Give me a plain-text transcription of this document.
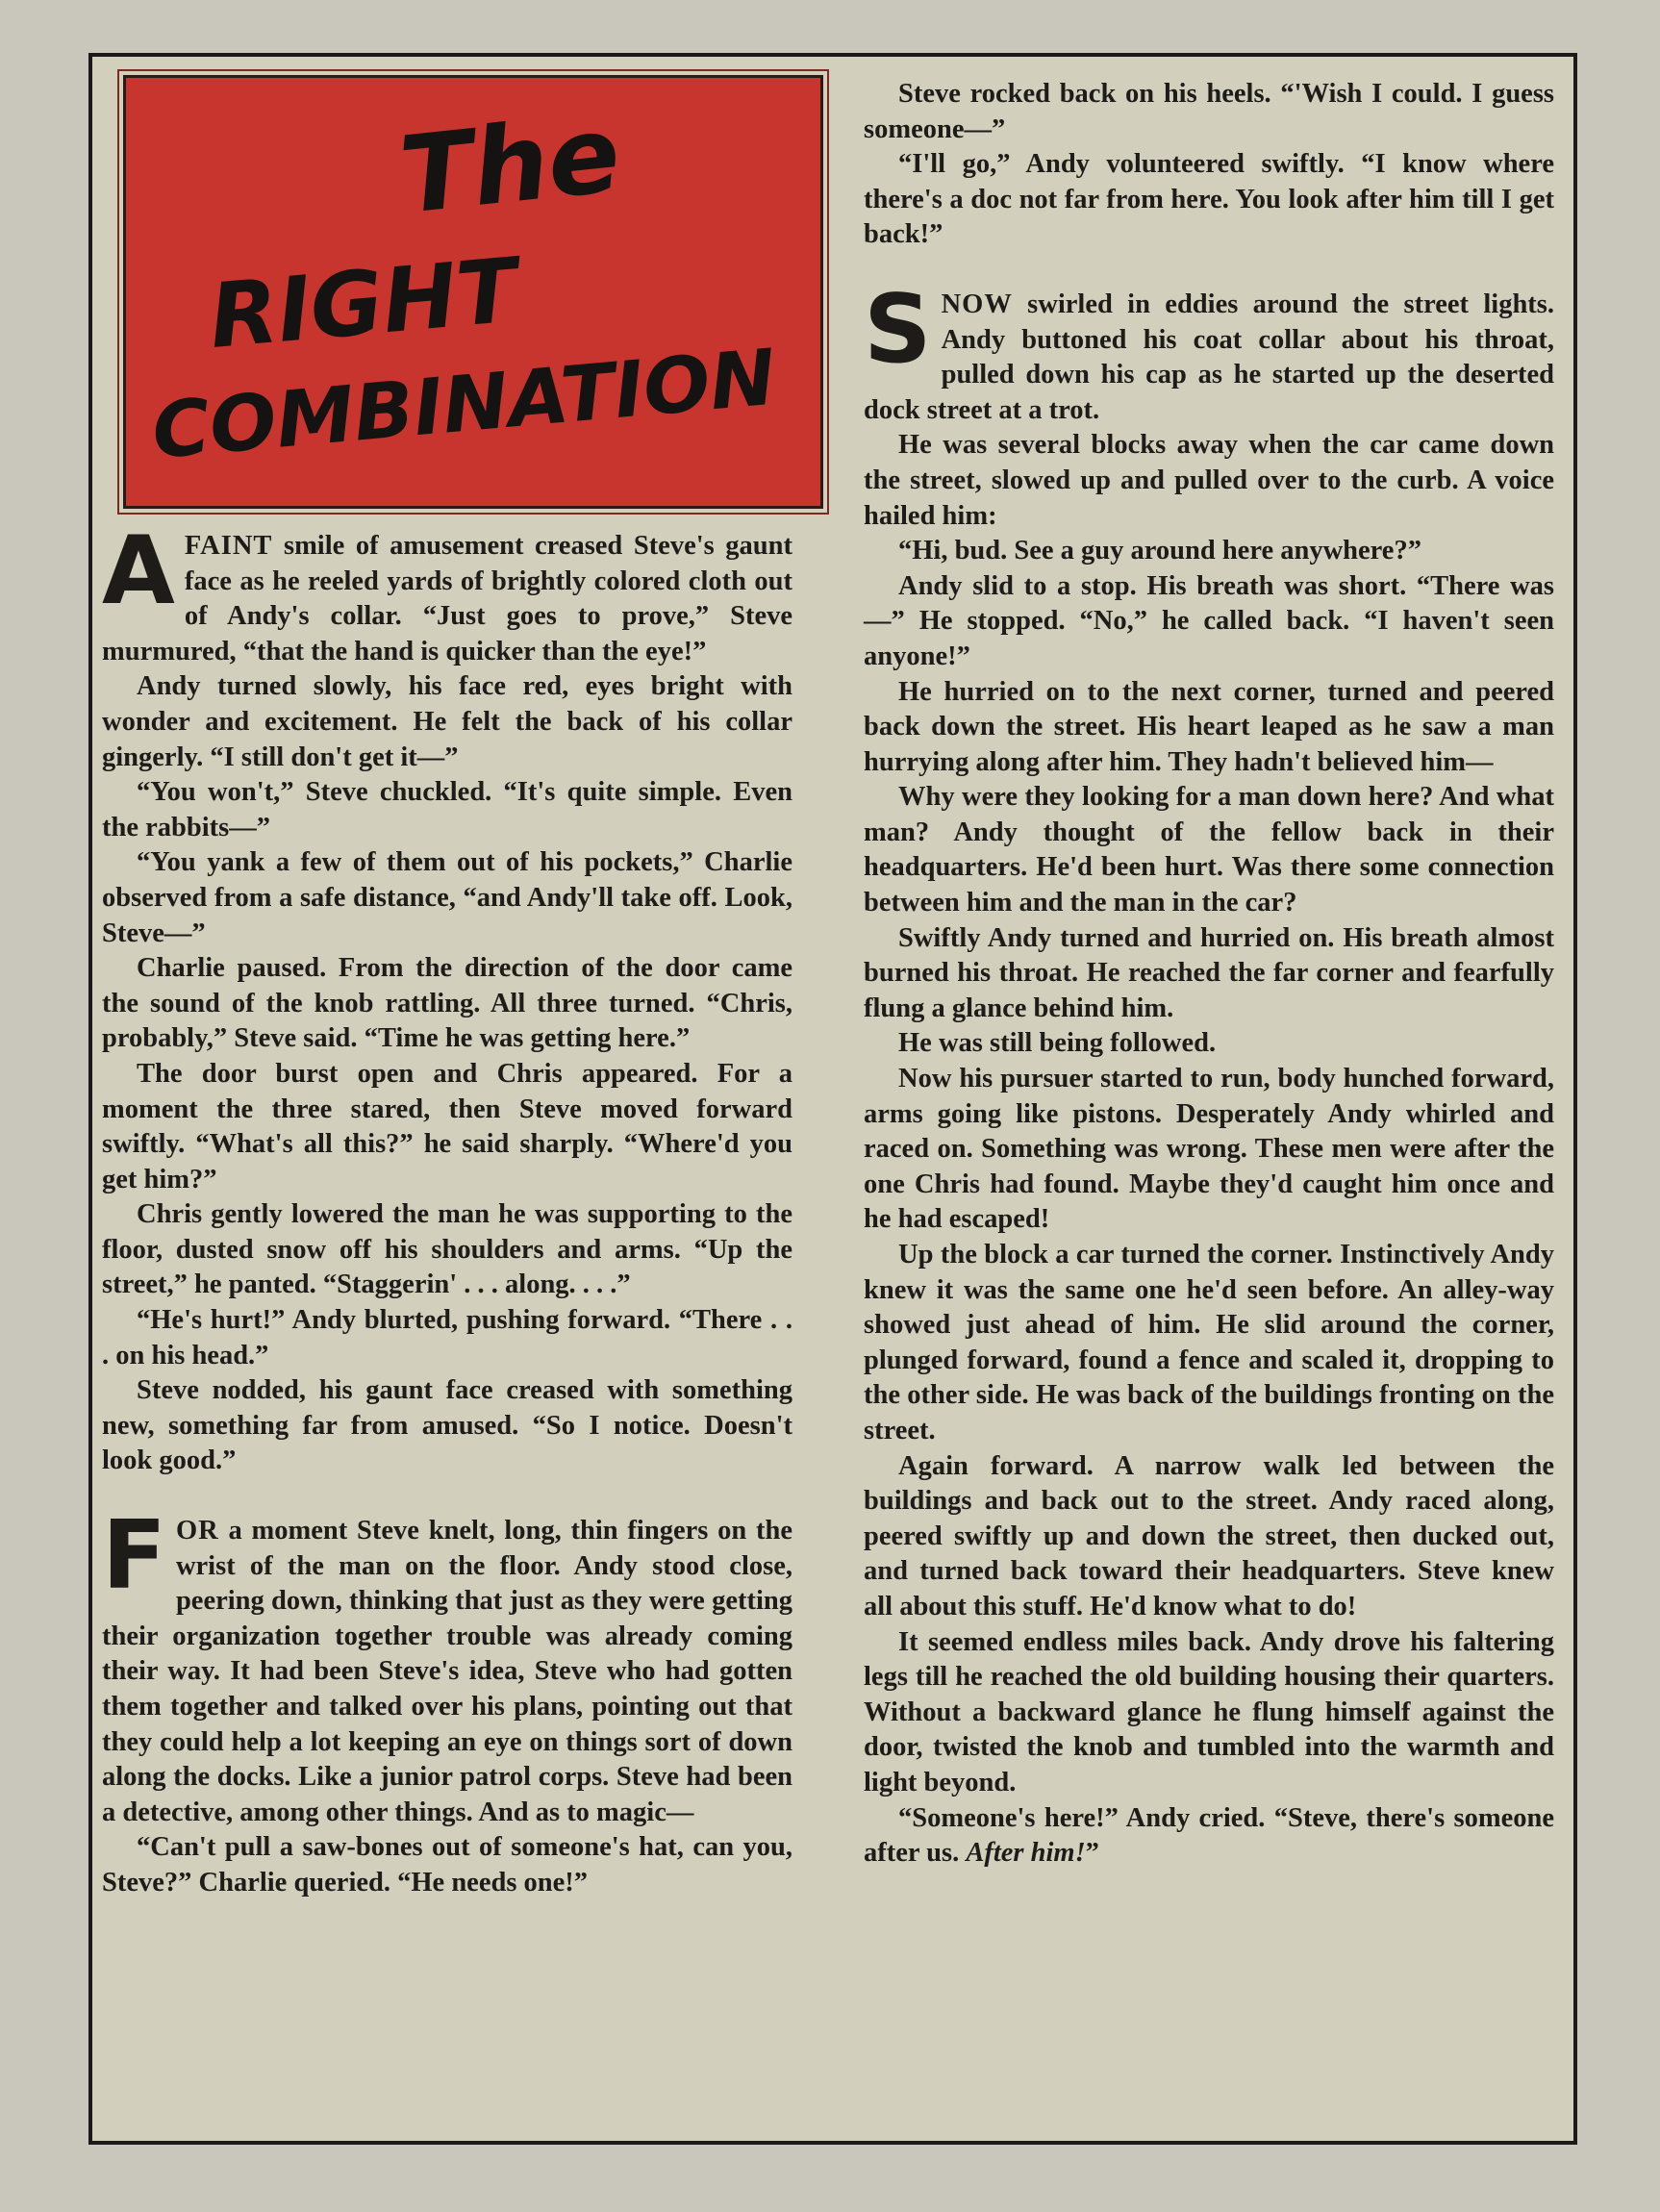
The
RIGHT
COMBINATION

AFAINT smile of amusement creased Steve's gaunt face as he reeled yards of brightly colored cloth out of Andy's collar. “Just goes to prove,” Steve murmured, “that the hand is quicker than the eye!”

Andy turned slowly, his face red, eyes bright with wonder and excitement. He felt the back of his collar gingerly. “I still don't get it—”

“You won't,” Steve chuckled. “It's quite simple. Even the rabbits—”

“You yank a few of them out of his pockets,” Charlie observed from a safe distance, “and Andy'll take off. Look, Steve—”

Charlie paused. From the direction of the door came the sound of the knob rattling. All three turned. “Chris, probably,” Steve said. “Time he was getting here.”

The door burst open and Chris appeared. For a moment the three stared, then Steve moved forward swiftly. “What's all this?” he said sharply. “Where'd you get him?”

Chris gently lowered the man he was supporting to the floor, dusted snow off his shoulders and arms. “Up the street,” he panted. “Staggerin' . . . along. . . .”

“He's hurt!” Andy blurted, pushing forward. “There . . . on his head.”

Steve nodded, his gaunt face creased with something new, something far from amused. “So I notice. Doesn't look good.”

FOR a moment Steve knelt, long, thin fingers on the wrist of the man on the floor. Andy stood close, peering down, thinking that just as they were getting their organization together trouble was already coming their way. It had been Steve's idea, Steve who had gotten them together and talked over his plans, pointing out that they could help a lot keeping an eye on things sort of down along the docks. Like a junior patrol corps. Steve had been a detective, among other things. And as to magic—

“Can't pull a saw-bones out of someone's hat, can you, Steve?” Charlie queried. “He needs one!”

Steve rocked back on his heels. “'Wish I could. I guess someone—”

“I'll go,” Andy volunteered swiftly. “I know where there's a doc not far from here. You look after him till I get back!”

SNOW swirled in eddies around the street lights. Andy buttoned his coat collar about his throat, pulled down his cap as he started up the deserted dock street at a trot.

He was several blocks away when the car came down the street, slowed up and pulled over to the curb. A voice hailed him:

“Hi, bud. See a guy around here anywhere?”

Andy slid to a stop. His breath was short. “There was—” He stopped. “No,” he called back. “I haven't seen anyone!”

He hurried on to the next corner, turned and peered back down the street. His heart leaped as he saw a man hurrying along after him. They hadn't believed him—

Why were they looking for a man down here? And what man? Andy thought of the fellow back in their headquarters. He'd been hurt. Was there some connection between him and the man in the car?

Swiftly Andy turned and hurried on. His breath almost burned his throat. He reached the far corner and fearfully flung a glance behind him.

He was still being followed.

Now his pursuer started to run, body hunched forward, arms going like pistons. Desperately Andy whirled and raced on. Something was wrong. These men were after the one Chris had found. Maybe they'd caught him once and he had escaped!

Up the block a car turned the corner. Instinctively Andy knew it was the same one he'd seen before. An alley-way showed just ahead of him. He slid around the corner, plunged forward, found a fence and scaled it, dropping to the other side. He was back of the buildings fronting on the street.

Again forward. A narrow walk led between the buildings and back out to the street. Andy raced along, peered swiftly up and down the street, then ducked out, and turned back toward their headquarters. Steve knew all about this stuff. He'd know what to do!

It seemed endless miles back. Andy drove his faltering legs till he reached the old building housing their quarters. Without a backward glance he flung himself against the door, twisted the knob and tumbled into the warmth and light beyond.

“Someone's here!” Andy cried. “Steve, there's someone after us. After him!”
